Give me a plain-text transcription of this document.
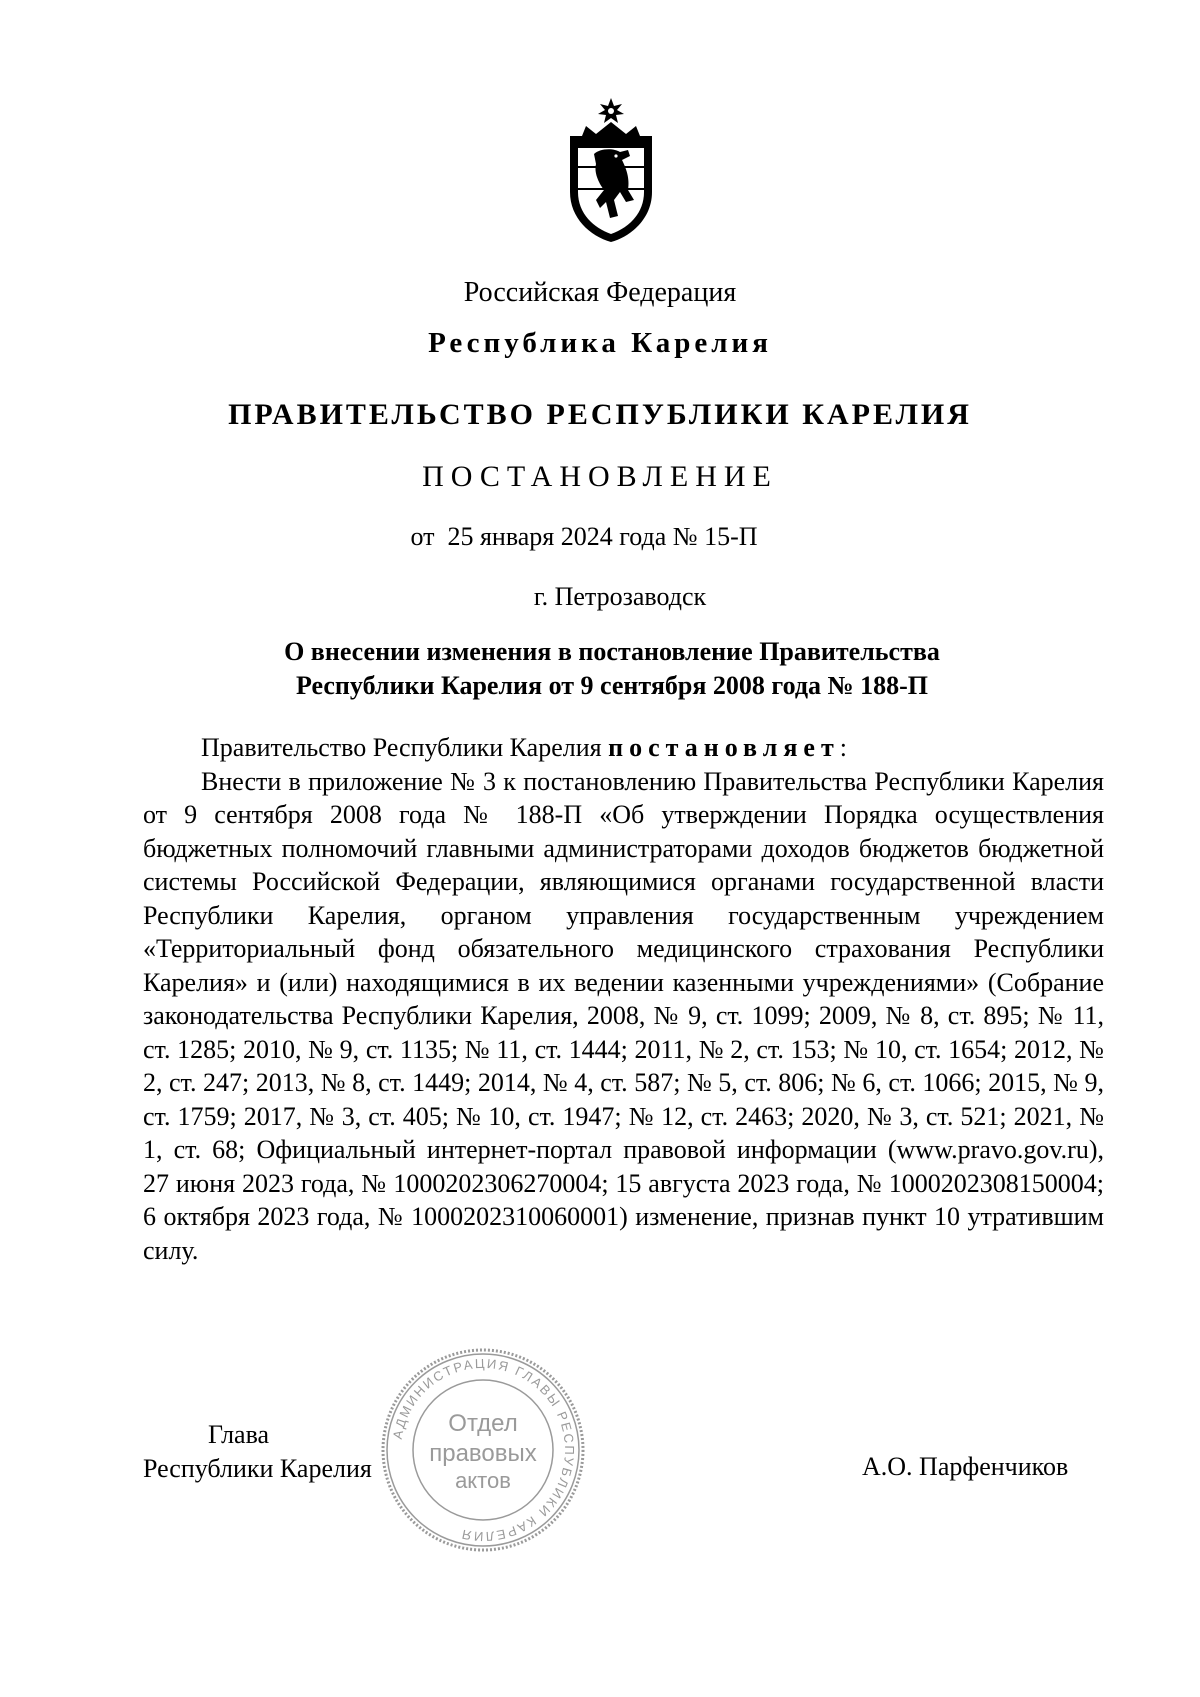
Российская Федерация
Республика Карелия
ПРАВИТЕЛЬСТВО РЕСПУБЛИКИ КАРЕЛИЯ
ПОСТАНОВЛЕНИЕ
от  25 января 2024 года № 15-П
г. Петрозаводск
О внесении изменения в постановление Правительства
Республики Карелия от 9 сентября 2008 года № 188-П

Правительство Республики Карелия постановляет:

Внести в приложение № 3 к постановлению Правительства Республики Карелия от 9 сентября 2008 года № 188-П «Об утверждении Порядка осуществления бюджетных полномочий главными администраторами доходов бюджетов бюджетной системы Российской Федерации, являющимися органами государственной власти Республики Карелия, органом управления государственным учреждением «Территориальный фонд обязательного медицинского страхования Республики Карелия» и (или) находящимися в их ведении казенными учреждениями» (Собрание законодательства Республики Карелия, 2008, № 9, ст. 1099; 2009, № 8, ст. 895; № 11, ст. 1285; 2010, № 9, ст. 1135; № 11, ст. 1444; 2011, № 2, ст. 153; № 10, ст. 1654; 2012, № 2, ст. 247; 2013, № 8, ст. 1449; 2014, № 4, ст. 587; № 5, ст. 806; № 6, ст. 1066; 2015, № 9, ст. 1759; 2017, № 3, ст. 405; № 10, ст. 1947; № 12, ст. 2463; 2020, № 3, ст. 521; 2021, № 1, ст. 68; Официальный интернет-портал правовой информации (www.pravo.gov.ru), 27 июня 2023 года, № 1000202306270004; 15 августа 2023 года, № 1000202308150004; 6 октября 2023 года, № 1000202310060001) изменение, признав пункт 10 утратившим силу.

Глава
Республики Карелия	А.О. Парфенчиков
АДМИНИСТРАЦИЯ ГЛАВЫ РЕСПУБЛИКИ КАРЕЛИЯ
Отдел
правовых
актов
